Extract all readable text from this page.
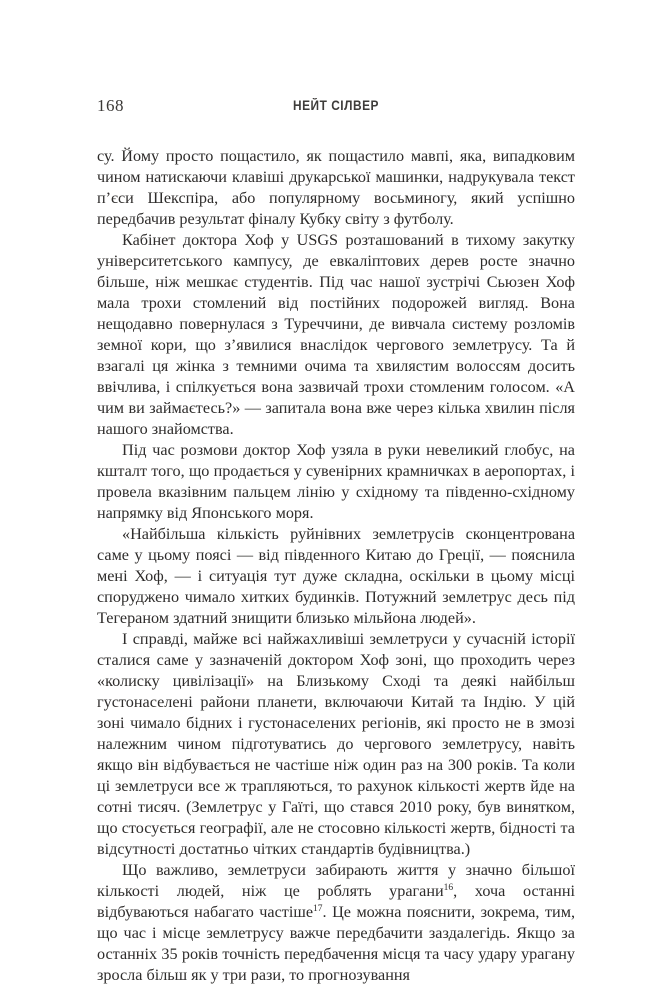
168	НЕЙТ СІЛВЕР

су. Йому просто пощастило, як пощастило мавпі, яка, випадковим чином натискаючи клавіші друкарської машинки, надрукувала текст п’єси Шекспіра, або популярному восьминогу, який успішно передбачив результат фіналу Кубку світу з футболу.

Кабінет доктора Хоф у USGS розташований в тихому закутку університетського кампусу, де евкаліптових дерев росте значно більше, ніж мешкає студентів. Під час нашої зустрічі Сьюзен Хоф мала трохи стомлений від постійних подорожей вигляд. Вона нещодавно повернулася з Туреччини, де вивчала систему розломів земної кори, що з’явилися внаслідок чергового землетрусу. Та й взагалі ця жінка з темними очима та хвилястим волоссям досить ввічлива, і спілкується вона зазвичай трохи стомленим голосом. «А чим ви займаєтесь?» — запитала вона вже через кілька хвилин після нашого знайомства.

Під час розмови доктор Хоф узяла в руки невеликий глобус, на кшталт того, що продається у сувенірних крамничках в аеропортах, і провела вказівним пальцем лінію у східному та південно-східному напрямку від Японського моря.

«Найбільша кількість руйнівних землетрусів сконцентрована саме у цьому поясі — від південного Китаю до Греції, — пояснила мені Хоф, — і ситуація тут дуже складна, оскільки в цьому місці споруджено чимало хитких будинків. Потужний землетрус десь під Тегераном здатний знищити близько мільйона людей».

І справді, майже всі найжахливіші землетруси у сучасній історії сталися саме у зазначеній доктором Хоф зоні, що проходить через «колиску цивілізації» на Близькому Сході та деякі найбільш густонаселені райони планети, включаючи Китай та Індію. У цій зоні чимало бідних і густонаселених регіонів, які просто не в змозі належним чином підготуватись до чергового землетрусу, навіть якщо він відбувається не частіше ніж один раз на 300 років. Та коли ці землетруси все ж трапляються, то рахунок кількості жертв йде на сотні тисяч. (Землетрус у Гаїті, що стався 2010 року, був винятком, що стосується географії, але не стосовно кількості жертв, бідності та відсутності достатньо чітких стандартів будівництва.)

Що важливо, землетруси забирають життя у значно більшої кількості людей, ніж це роблять урагани$^{16}$, хоча останні відбуваються набагато частіше$^{17}$. Це можна пояснити, зокрема, тим, що час і місце землетрусу важче передбачити заздалегідь. Якщо за останніх 35 років точність передбачення місця та часу удару урагану зросла більш як у три рази, то прогнозування
